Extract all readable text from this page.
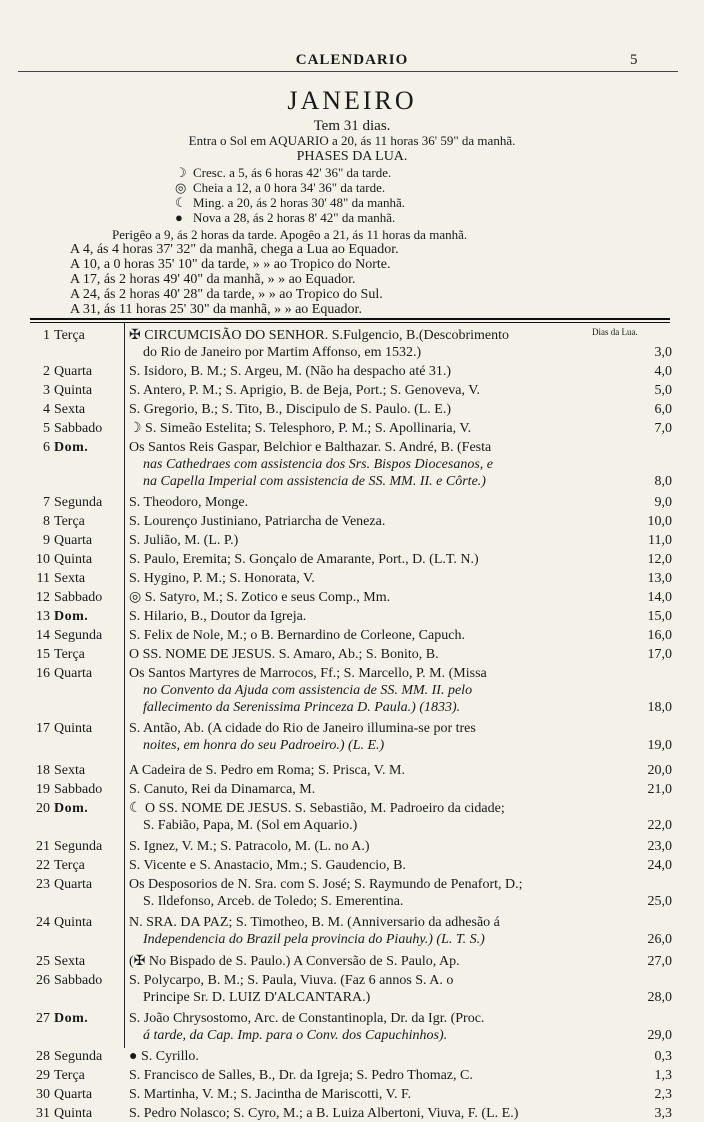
CALENDARIO	5
JANEIRO
Tem 31 dias.
Entra o Sol em AQUARIO a 20, ás 11 horas 36' 59" da manhã.
PHASES DA LUA.
☽ Cresc. a 5, ás 6 horas 42' 36" da tarde.
◎ Cheia a 12, a 0 hora 34' 36" da tarde.
☾ Ming. a 20, ás 2 horas 30' 48" da manhã.
● Nova a 28, ás 2 horas 8' 42" da manhã.
Perigêo a 9, ás 2 horas da tarde. Apogêo a 21, ás 11 horas da manhã.
A 4, ás 4 horas 37' 32" da manhã, chega a Lua ao Equador.
A 10, a 0 horas 35' 10" da tarde, » » ao Tropico do Norte.
A 17, ás 2 horas 49' 40" da manhã, » » ao Equador.
A 24, ás 2 horas 40' 28" da tarde, » » ao Tropico do Sul.
A 31, ás 11 horas 25' 30" da manhã, » » ao Equador.
Dias da Lua.
1 Terça	✠ CIRCUMCISÃO DO SENHOR. S.Fulgencio, B.(Descobrimento
do Rio de Janeiro por Martim Affonso, em 1532.)	3,0
2 Quarta	S. Isidoro, B. M.; S. Argeu, M. (Não ha despacho até 31.)	4,0
3 Quinta	S. Antero, P. M.; S. Aprigio, B. de Beja, Port.; S. Genoveva, V.	5,0
4 Sexta	S. Gregorio, B.; S. Tito, B., Discipulo de S. Paulo. (L. E.)	6,0
5 Sabbado ☽ S. Simeão Estelita; S. Telesphoro, P. M.; S. Apollinaria, V.	7,0
6 Dom.	Os Santos Reis Gaspar, Belchior e Balthazar. S. André, B. (Festa
nas Cathedraes com assistencia dos Srs. Bispos Diocesanos, e
na Capella Imperial com assistencia de SS. MM. II. e Côrte.)	8,0
7 Segunda S. Theodoro, Monge.	9,0
8 Terça	S. Lourenço Justiniano, Patriarcha de Veneza.	10,0
9 Quarta	S. Julião, M. (L. P.)	11,0
10 Quinta	S. Paulo, Eremita; S. Gonçalo de Amarante, Port., D. (L.T. N.)	12,0
11 Sexta	S. Hygino, P. M.; S. Honorata, V.	13,0
12 Sabbado ◎ S. Satyro, M.; S. Zotico e seus Comp., Mm.	14,0
13 Dom.	S. Hilario, B., Doutor da Igreja.	15,0
14 Segunda S. Felix de Nole, M.; o B. Bernardino de Corleone, Capuch.	16,0
15 Terça	O SS. NOME DE JESUS. S. Amaro, Ab.; S. Bonito, B.	17,0
16 Quarta	Os Santos Martyres de Marrocos, Ff.; S. Marcello, P. M. (Missa
no Convento da Ajuda com assistencia de SS. MM. II. pelo
fallecimento da Serenissima Princeza D. Paula.) (1833).	18,0
17 Quinta	S. Antão, Ab. (A cidade do Rio de Janeiro illumina-se por tres
noites, em honra do seu Padroeiro.) (L. E.)	19,0
18 Sexta	A Cadeira de S. Pedro em Roma; S. Prisca, V. M.	20,0
19 Sabbado S. Canuto, Rei da Dinamarca, M.	21,0
20 Dom.	☾ O SS. NOME DE JESUS. S. Sebastião, M. Padroeiro da cidade;
S. Fabião, Papa, M. (Sol em Aquario.)	22,0
21 Segunda S. Ignez, V. M.; S. Patracolo, M. (L. no A.)	23,0
22 Terça	S. Vicente e S. Anastacio, Mm.; S. Gaudencio, B.	24,0
23 Quarta	Os Desposorios de N. Sra. com S. José; S. Raymundo de Penafort, D.;
S. Ildefonso, Arceb. de Toledo; S. Emerentina.	25,0
24 Quinta	N. SRA. DA PAZ; S. Timotheo, B. M. (Anniversario da adhesão á
Independencia do Brazil pela provincia do Piauhy.) (L. T. S.)	26,0
25 Sexta	(✠ No Bispado de S. Paulo.) A Conversão de S. Paulo, Ap.	27,0
26 Sabbado S. Polycarpo, B. M.; S. Paula, Viuva. (Faz 6 annos S. A. o
Principe Sr. D. LUIZ D'ALCANTARA.)	28,0
27 Dom.	S. João Chrysostomo, Arc. de Constantinopla, Dr. da Igr. (Proc.
á tarde, da Cap. Imp. para o Conv. dos Capuchinhos).	29,0
28 Segunda ● S. Cyrillo.	0,3
29 Terça	S. Francisco de Salles, B., Dr. da Igreja; S. Pedro Thomaz, C.	1,3
30 Quarta	S. Martinha, V. M.; S. Jacintha de Mariscotti, V. F.	2,3
31 Quinta	S. Pedro Nolasco; S. Cyro, M.; a B. Luiza Albertoni, Viuva, F. (L. E.)	3,3
